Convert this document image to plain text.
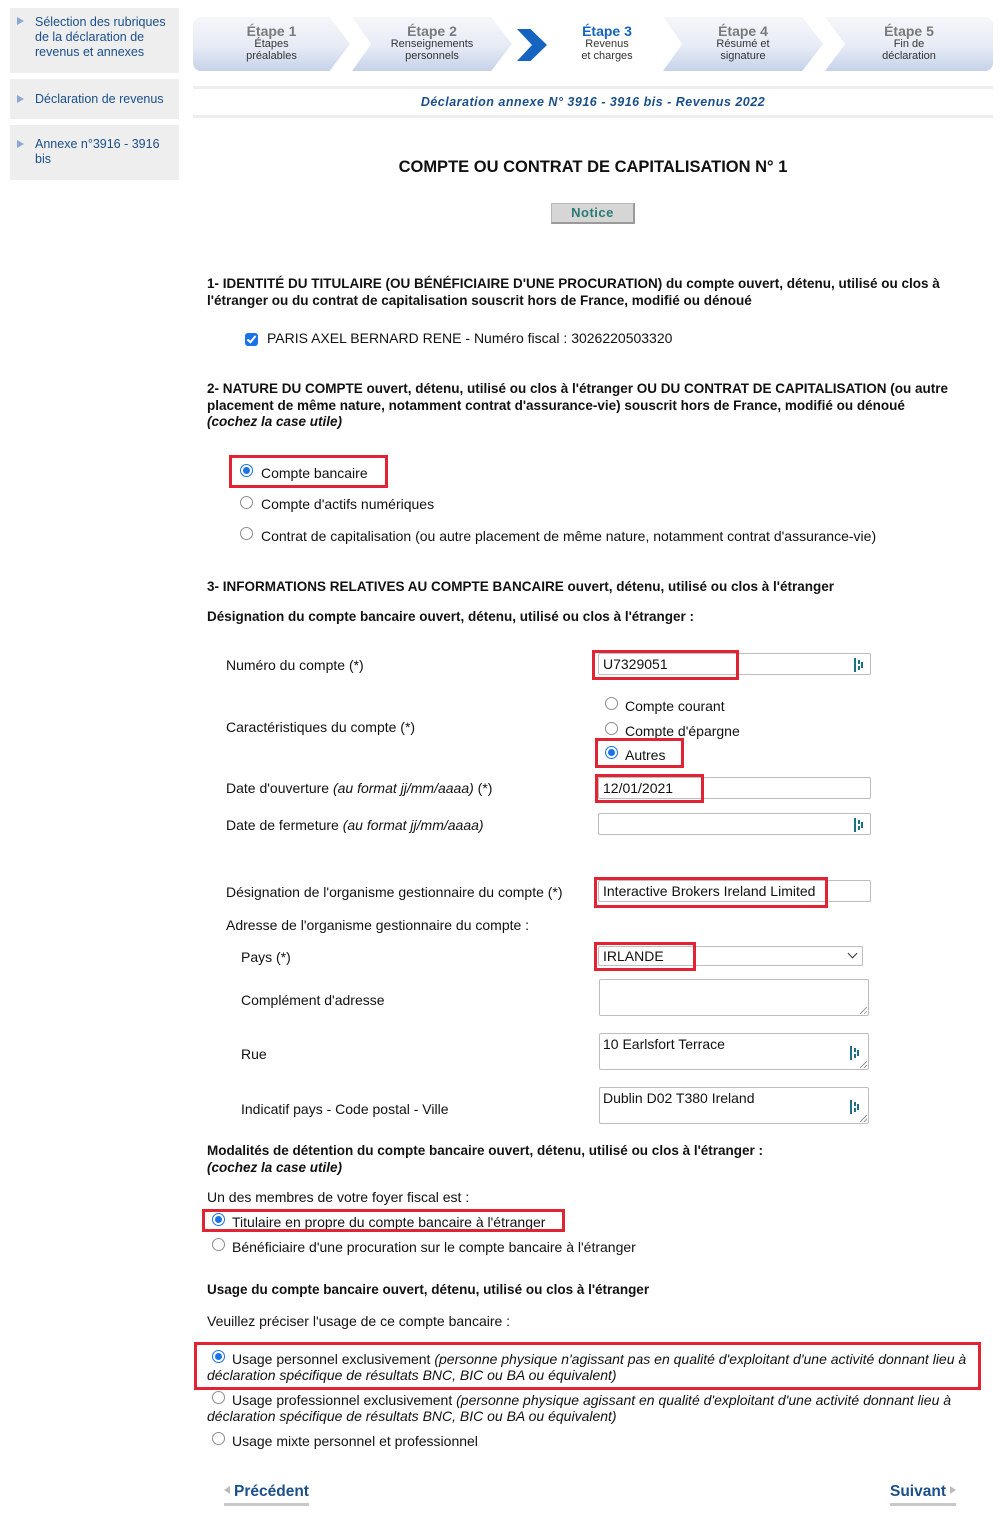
Sélection des rubriques de la déclaration de revenus et annexes
Déclaration de revenus
Annexe n°3916 - 3916 bis
Étape 1
Étapes
préalables
Étape 2
Renseignements
personnels
Étape 3
Revenus
et charges
Étape 4
Résumé et
signature
Étape 5
Fin de
déclaration
Déclaration annexe N° 3916 - 3916 bis - Revenus 2022
COMPTE OU CONTRAT DE CAPITALISATION N° 1
Notice
1- IDENTITÉ DU TITULAIRE (OU BÉNÉFICIAIRE D'UNE PROCURATION) du compte ouvert, détenu, utilisé ou clos à l'étranger ou du contrat de capitalisation souscrit hors de France, modifié ou dénoué
PARIS AXEL BERNARD RENE - Numéro fiscal : 3026220503320
2- NATURE DU COMPTE ouvert, détenu, utilisé ou clos à l'étranger OU DU CONTRAT DE CAPITALISATION (ou autre placement de même nature, notamment contrat d'assurance-vie) souscrit hors de France, modifié ou dénoué
(cochez la case utile)
Compte bancaire
Compte d'actifs numériques
Contrat de capitalisation (ou autre placement de même nature, notamment contrat d'assurance-vie)
3- INFORMATIONS RELATIVES AU COMPTE BANCAIRE ouvert, détenu, utilisé ou clos à l'étranger
Désignation du compte bancaire ouvert, détenu, utilisé ou clos à l'étranger :
Numéro du compte (*)	U7329051
Caractéristiques du compte (*)
Compte courant
Compte d'épargne
Autres
Date d'ouverture (au format jj/mm/aaaa) (*)	12/01/2021
Date de fermeture (au format jj/mm/aaaa)
Désignation de l'organisme gestionnaire du compte (*)	Interactive Brokers Ireland Limited
Adresse de l'organisme gestionnaire du compte :
Pays (*)	IRLANDE
Complément d'adresse
Rue
10 Earlsfort Terrace
Indicatif pays - Code postal - Ville
Dublin D02 T380 Ireland
Modalités de détention du compte bancaire ouvert, détenu, utilisé ou clos à l'étranger :
(cochez la case utile)
Un des membres de votre foyer fiscal est :
Titulaire en propre du compte bancaire à l'étranger
Bénéficiaire d'une procuration sur le compte bancaire à l'étranger
Usage du compte bancaire ouvert, détenu, utilisé ou clos à l'étranger
Veuillez préciser l'usage de ce compte bancaire :
Usage personnel exclusivement (personne physique n'agissant pas en qualité d'exploitant d'une activité donnant lieu à déclaration spécifique de résultats BNC, BIC ou BA ou équivalent)
Usage professionnel exclusivement (personne physique agissant en qualité d'exploitant d'une activité donnant lieu à déclaration spécifique de résultats BNC, BIC ou BA ou équivalent)
Usage mixte personnel et professionnel
Précédent	Suivant
